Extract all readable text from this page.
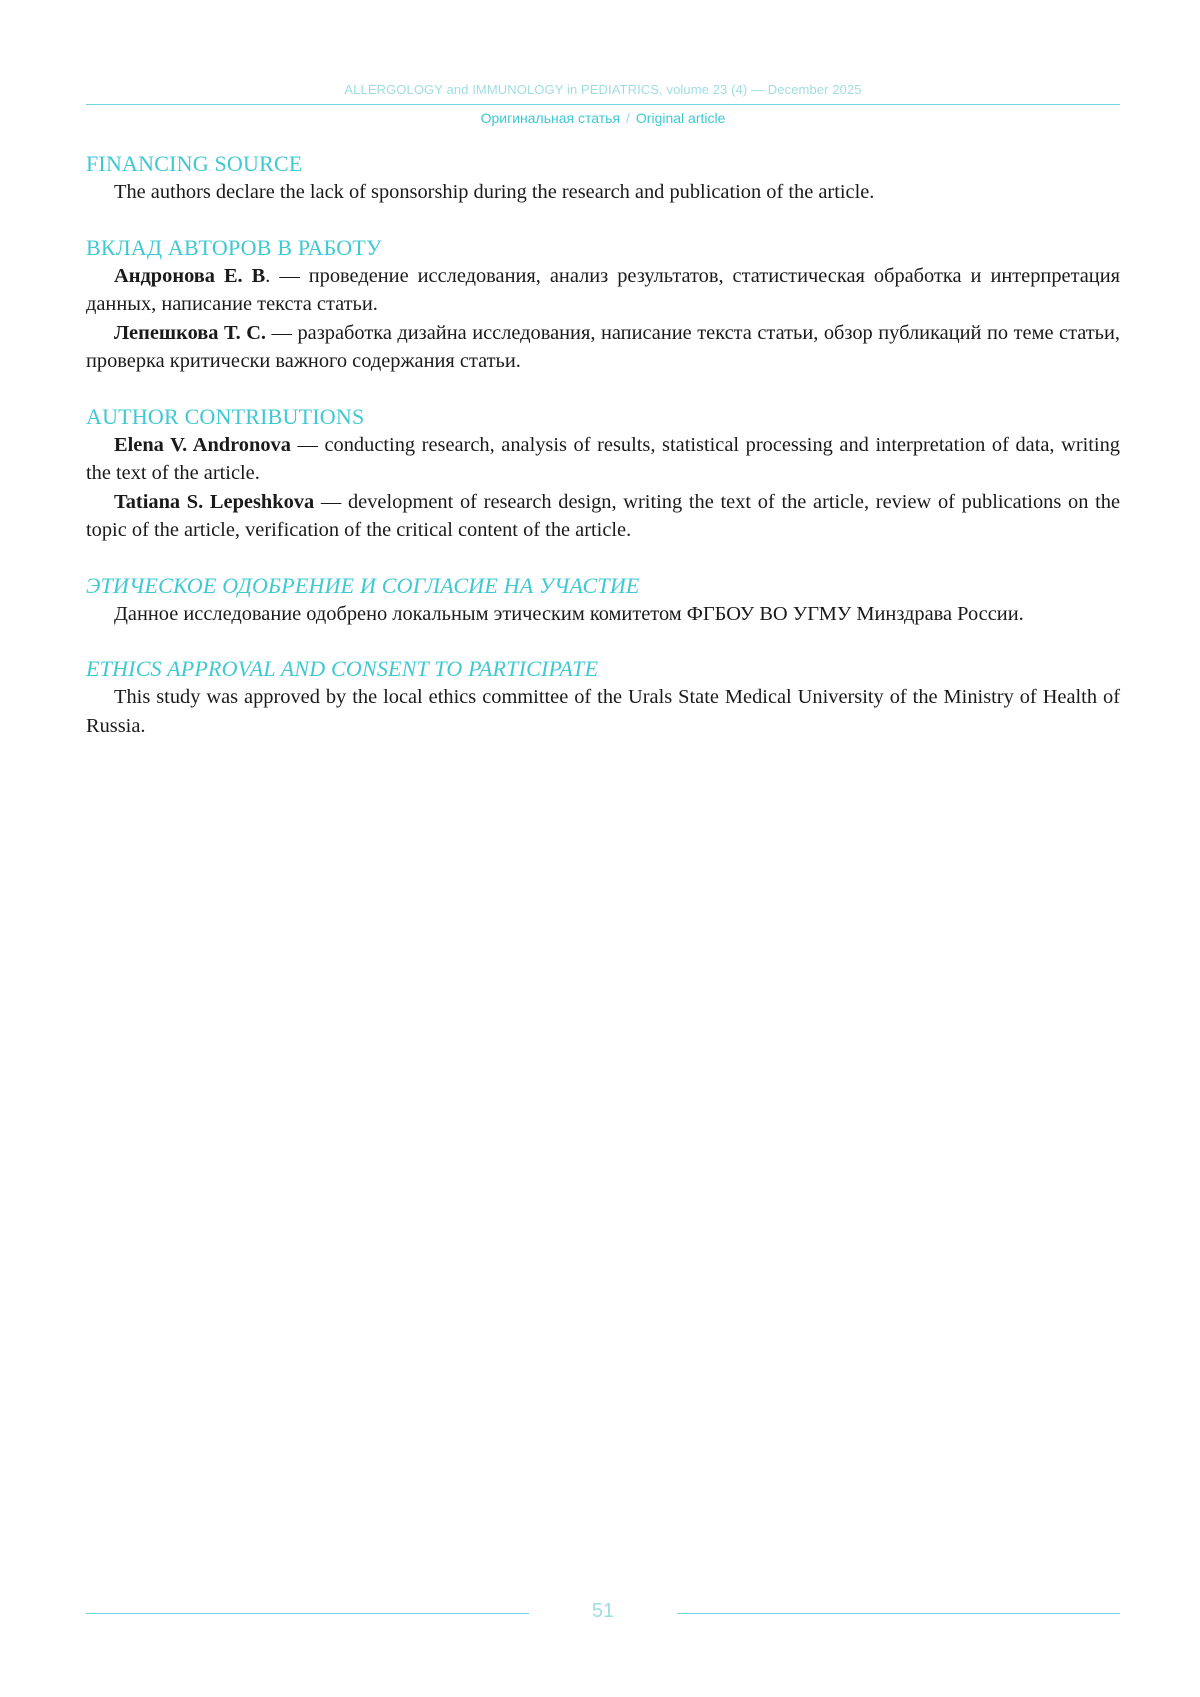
ALLERGOLOGY and IMMUNOLOGY in PEDIATRICS, volume 23 (4) — December 2025
Оригинальная статья / Original article
FINANCING SOURCE

The authors declare the lack of sponsorship during the research and publication of the article.

ВКЛАД АВТОРОВ В РАБОТУ

Андронова Е. В. — проведение исследования, анализ результатов, статистическая обработка и интерпретация данных, написание текста статьи.

Лепешкова Т. С. — разработка дизайна исследования, написание текста статьи, обзор публикаций по теме статьи, проверка критически важного содержания статьи.

AUTHOR CONTRIBUTIONS

Elena V. Andronova — conducting research, analysis of results, statistical processing and interpretation of data, writing the text of the article.

Tatiana S. Lepeshkova — development of research design, writing the text of the article, review of publications on the topic of the article, verification of the critical content of the article.

ЭТИЧЕСКОЕ ОДОБРЕНИЕ И СОГЛАСИЕ НА УЧАСТИЕ

Данное исследование одобрено локальным этическим комитетом ФГБОУ ВО УГМУ Минздрава России.

ETHICS APPROVAL AND CONSENT TO PARTICIPATE

This study was approved by the local ethics committee of the Urals State Medical University of the Ministry of Health of Russia.

51
